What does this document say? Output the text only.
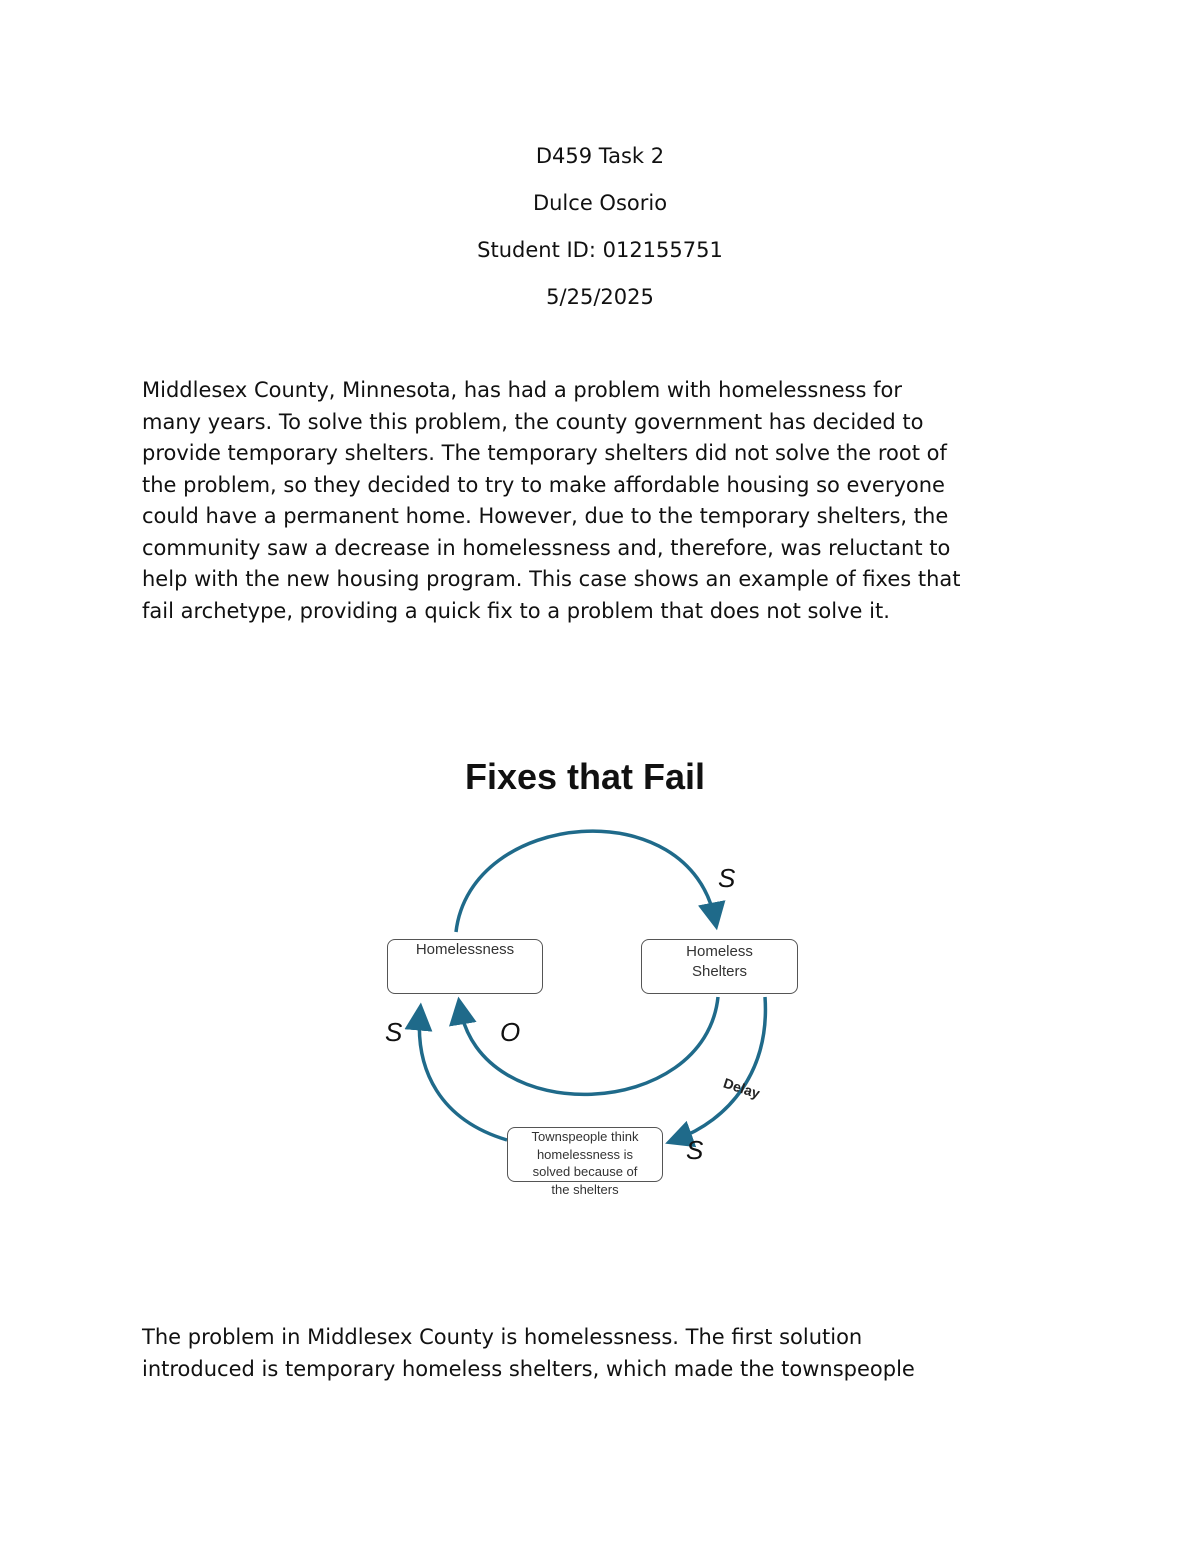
D459 Task 2
Dulce Osorio
Student ID: 012155751
5/25/2025

Middlesex County, Minnesota, has had a problem with homelessness for
many years. To solve this problem, the county government has decided to
provide temporary shelters. The temporary shelters did not solve the root of
the problem, so they decided to try to make affordable housing so everyone
could have a permanent home. However, due to the temporary shelters, the
community saw a decrease in homelessness and, therefore, was reluctant to
help with the new housing program. This case shows an example of fixes that
fail archetype, providing a quick fix to a problem that does not solve it.

Fixes that Fail
Homelessness	Homeless
Shelters
Townspeople think
homelessness is
solved because of
the shelters
S
S	O
S
Delay

The problem in Middlesex County is homelessness. The first solution
introduced is temporary homeless shelters, which made the townspeople
